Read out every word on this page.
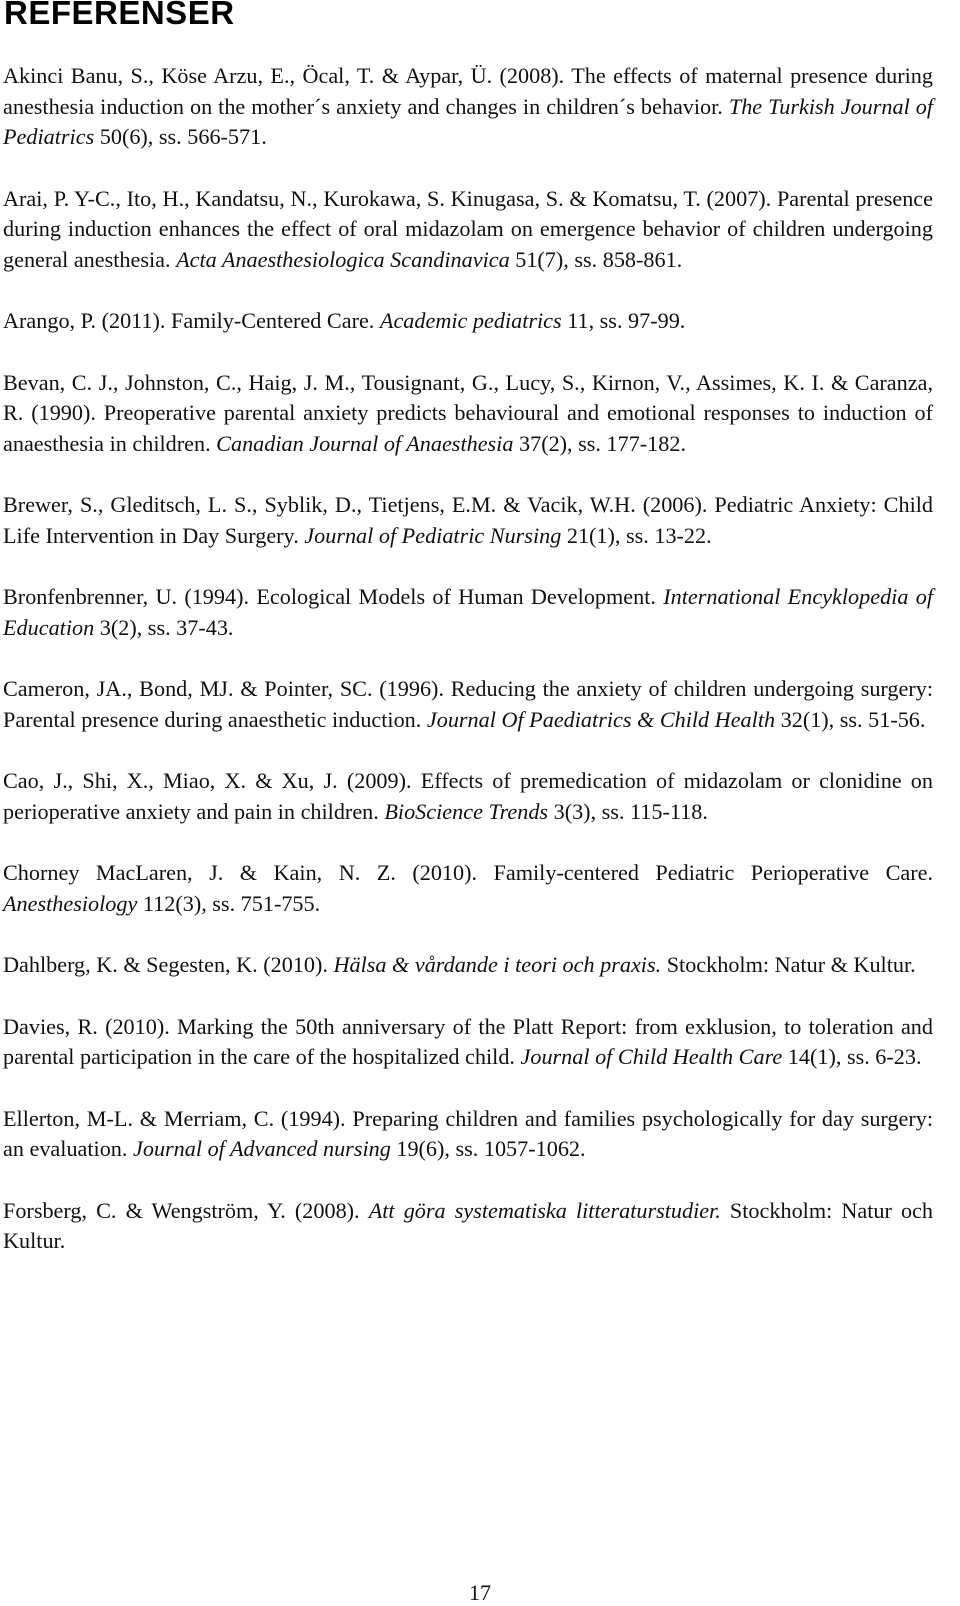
REFERENSER
Akinci Banu, S., Köse Arzu, E., Öcal, T. & Aypar, Ü. (2008). The effects of maternal presence during anesthesia induction on the mother´s anxiety and changes in children´s behavior. The Turkish Journal of Pediatrics 50(6), ss. 566-571.
Arai, P. Y-C., Ito, H., Kandatsu, N., Kurokawa, S. Kinugasa, S. & Komatsu, T. (2007). Parental presence during induction enhances the effect of oral midazolam on emergence behavior of children undergoing general anesthesia. Acta Anaesthesiologica Scandinavica 51(7), ss. 858-861.
Arango, P. (2011). Family-Centered Care. Academic pediatrics 11, ss. 97-99.
Bevan, C. J., Johnston, C., Haig, J. M., Tousignant, G., Lucy, S., Kirnon, V., Assimes, K. I. & Caranza, R. (1990). Preoperative parental anxiety predicts behavioural and emotional responses to induction of anaesthesia in children. Canadian Journal of Anaesthesia 37(2), ss. 177-182.
Brewer, S., Gleditsch, L. S., Syblik, D., Tietjens, E.M. & Vacik, W.H. (2006). Pediatric Anxiety: Child Life Intervention in Day Surgery. Journal of Pediatric Nursing 21(1), ss. 13-22.
Bronfenbrenner, U. (1994). Ecological Models of Human Development. International Encyklopedia of Education 3(2), ss. 37-43.
Cameron, JA., Bond, MJ. & Pointer, SC. (1996). Reducing the anxiety of children undergoing surgery: Parental presence during anaesthetic induction. Journal Of Paediatrics & Child Health 32(1), ss. 51-56.
Cao, J., Shi, X., Miao, X. & Xu, J. (2009). Effects of premedication of midazolam or clonidine on perioperative anxiety and pain in children. BioScience Trends 3(3), ss. 115-118.
Chorney MacLaren, J. & Kain, N. Z. (2010). Family-centered Pediatric Perioperative Care. Anesthesiology 112(3), ss. 751-755.
Dahlberg, K. & Segesten, K. (2010). Hälsa & vårdande i teori och praxis. Stockholm: Natur & Kultur.
Davies, R. (2010). Marking the 50th anniversary of the Platt Report: from exklusion, to toleration and parental participation in the care of the hospitalized child. Journal of Child Health Care 14(1), ss. 6-23.
Ellerton, M-L. & Merriam, C. (1994). Preparing children and families psychologically for day surgery: an evaluation. Journal of Advanced nursing 19(6), ss. 1057-1062.
Forsberg, C. & Wengström, Y. (2008). Att göra systematiska litteraturstudier. Stockholm: Natur och Kultur.
17
